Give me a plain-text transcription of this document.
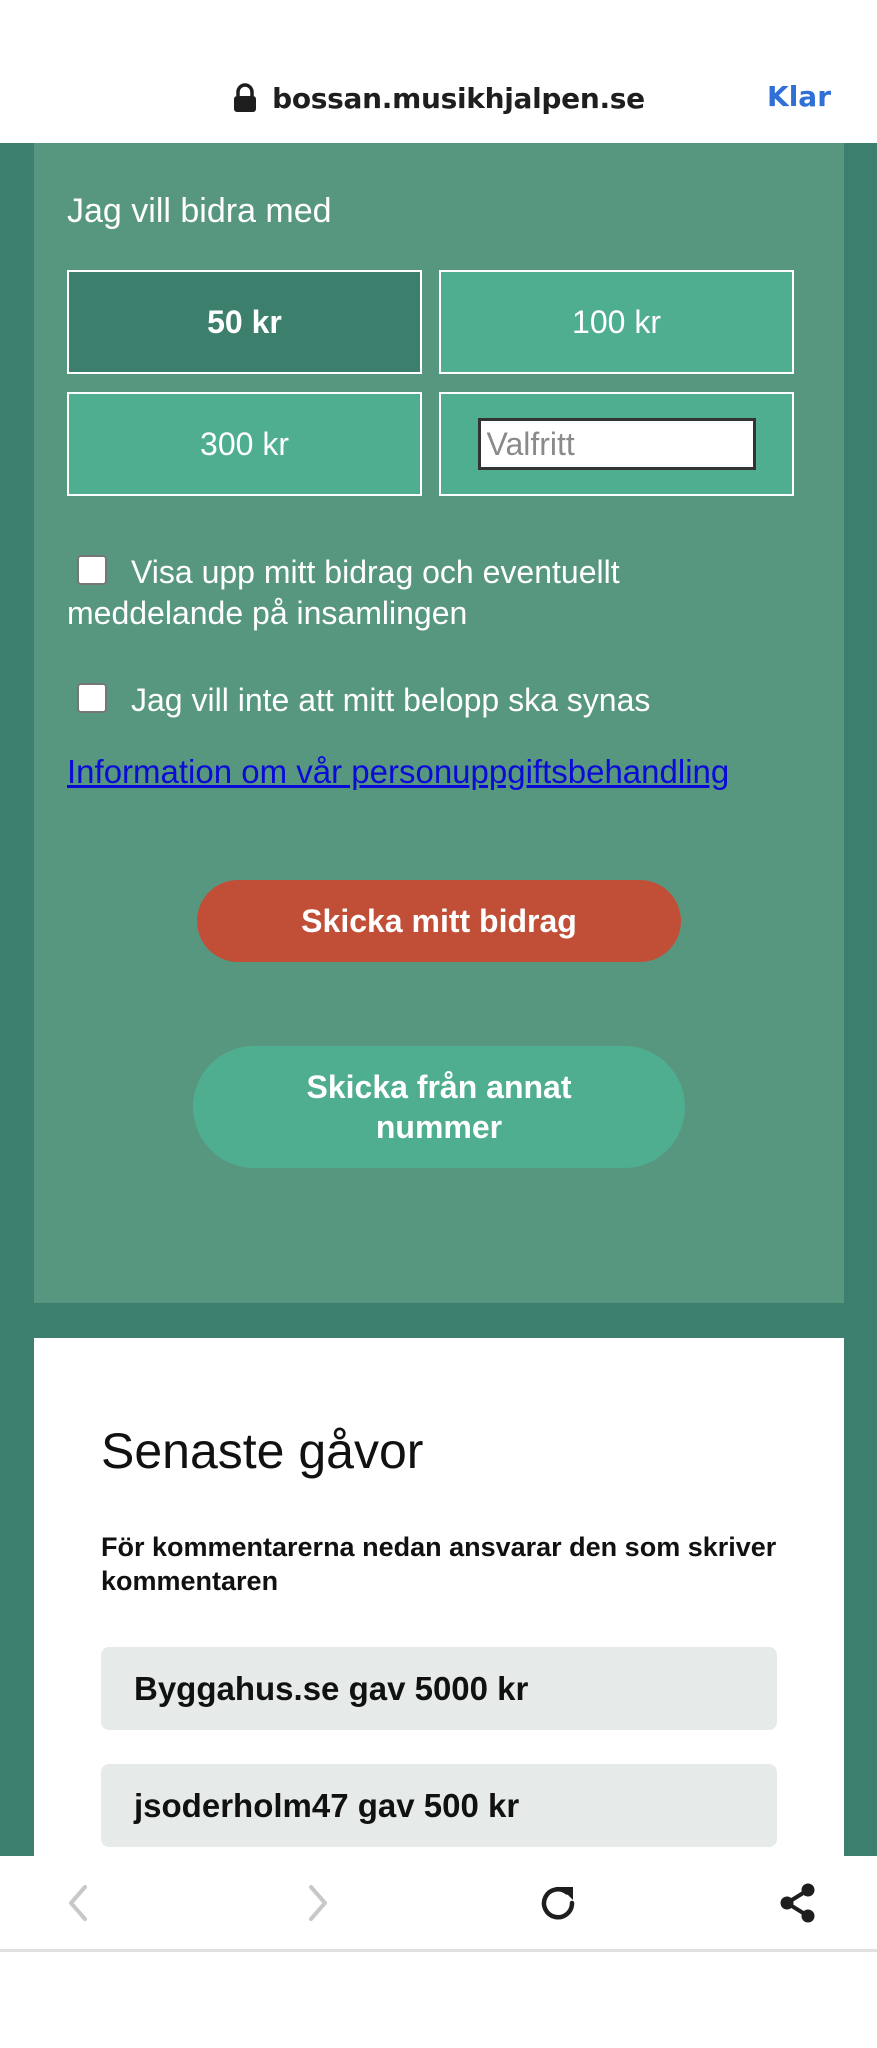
bossan.musikhjalpen.se	Klar
Jag vill bidra med
50 kr	100 kr
300 kr
Valfritt
Visa upp mitt bidrag och eventuellt meddelande på insamlingen
Jag vill inte att mitt belopp ska synas
Information om vår personuppgiftsbehandling
Skicka mitt bidrag
Skicka från annat nummer
Senaste gåvor
För kommentarerna nedan ansvarar den som skriver kommentaren
Byggahus.se gav 5000 kr
jsoderholm47 gav 500 kr
